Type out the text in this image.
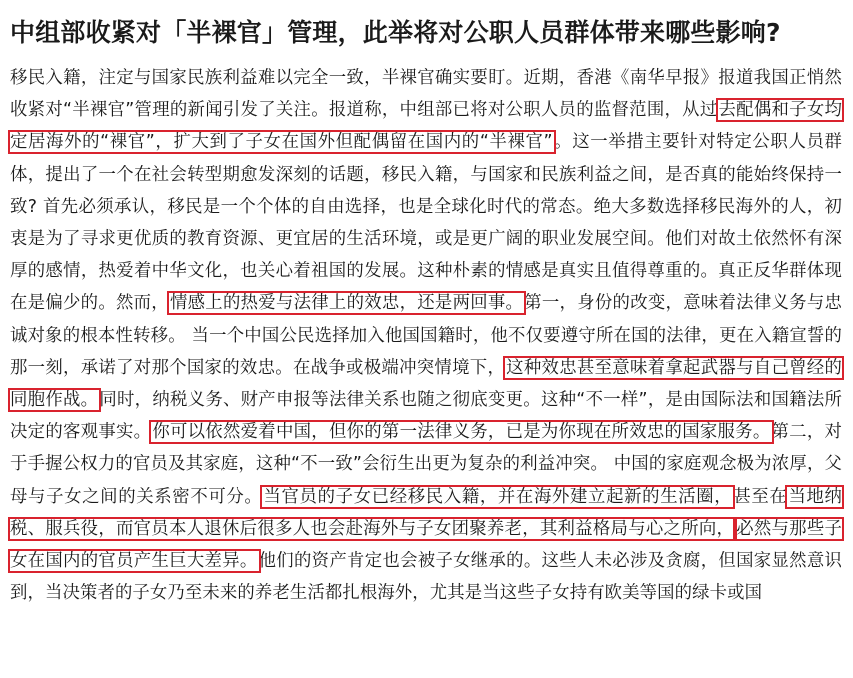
中组部收紧对「半裸官」管理，此举将对公职人员群体带来哪些影响?

移民入籍，注定与国家民族利益难以完全一致，半裸官确实要盯。近期，香港《南华早报》报道我国正悄然收紧对“半裸官”管理的新闻引发了关注。报道称，中组部已将对公职人员的监督范围，从过去配偶和子女均定居海外的“裸官”，扩大到了子女在国外但配偶留在国内的“半裸官”。这一举措主要针对特定公职人员群体，提出了一个在社会转型期愈发深刻的话题，移民入籍，与国家和民族利益之间，是否真的能始终保持一致? 首先必须承认，移民是一个个体的自由选择，也是全球化时代的常态。绝大多数选择移民海外的人，初衷是为了寻求更优质的教育资源、更宜居的生活环境，或是更广阔的职业发展空间。他们对故土依然怀有深厚的感情，热爱着中华文化，也关心着祖国的发展。这种朴素的情感是真实且值得尊重的。真正反华群体现在是偏少的。然而，情感上的热爱与法律上的效忠，还是两回事。第一，身份的改变，意味着法律义务与忠诚对象的根本性转移。 当一个中国公民选择加入他国国籍时，他不仅要遵守所在国的法律，更在入籍宣誓的那一刻，承诺了对那个国家的效忠。在战争或极端冲突情境下，这种效忠甚至意味着拿起武器与自己曾经的同胞作战。同时，纳税义务、财产申报等法律关系也随之彻底变更。这种“不一样”，是由国际法和国籍法所决定的客观事实。你可以依然爱着中国，但你的第一法律义务，已是为你现在所效忠的国家服务。第二，对于手握公权力的官员及其家庭，这种“不一致”会衍生出更为复杂的利益冲突。 中国的家庭观念极为浓厚，父母与子女之间的关系密不可分。当官员的子女已经移民入籍，并在海外建立起新的生活圈，甚至在当地纳税、服兵役，而官员本人退休后很多人也会赴海外与子女团聚养老，其利益格局与心之所向， 必然与那些子女在国内的官员产生巨大差异。他们的资产肯定也会被子女继承的。这些人未必涉及贪腐，但国家显然意识到，当决策者的子女乃至未来的养老生活都扎根海外，尤其是当这些子女持有欧美等国的绿卡或国
